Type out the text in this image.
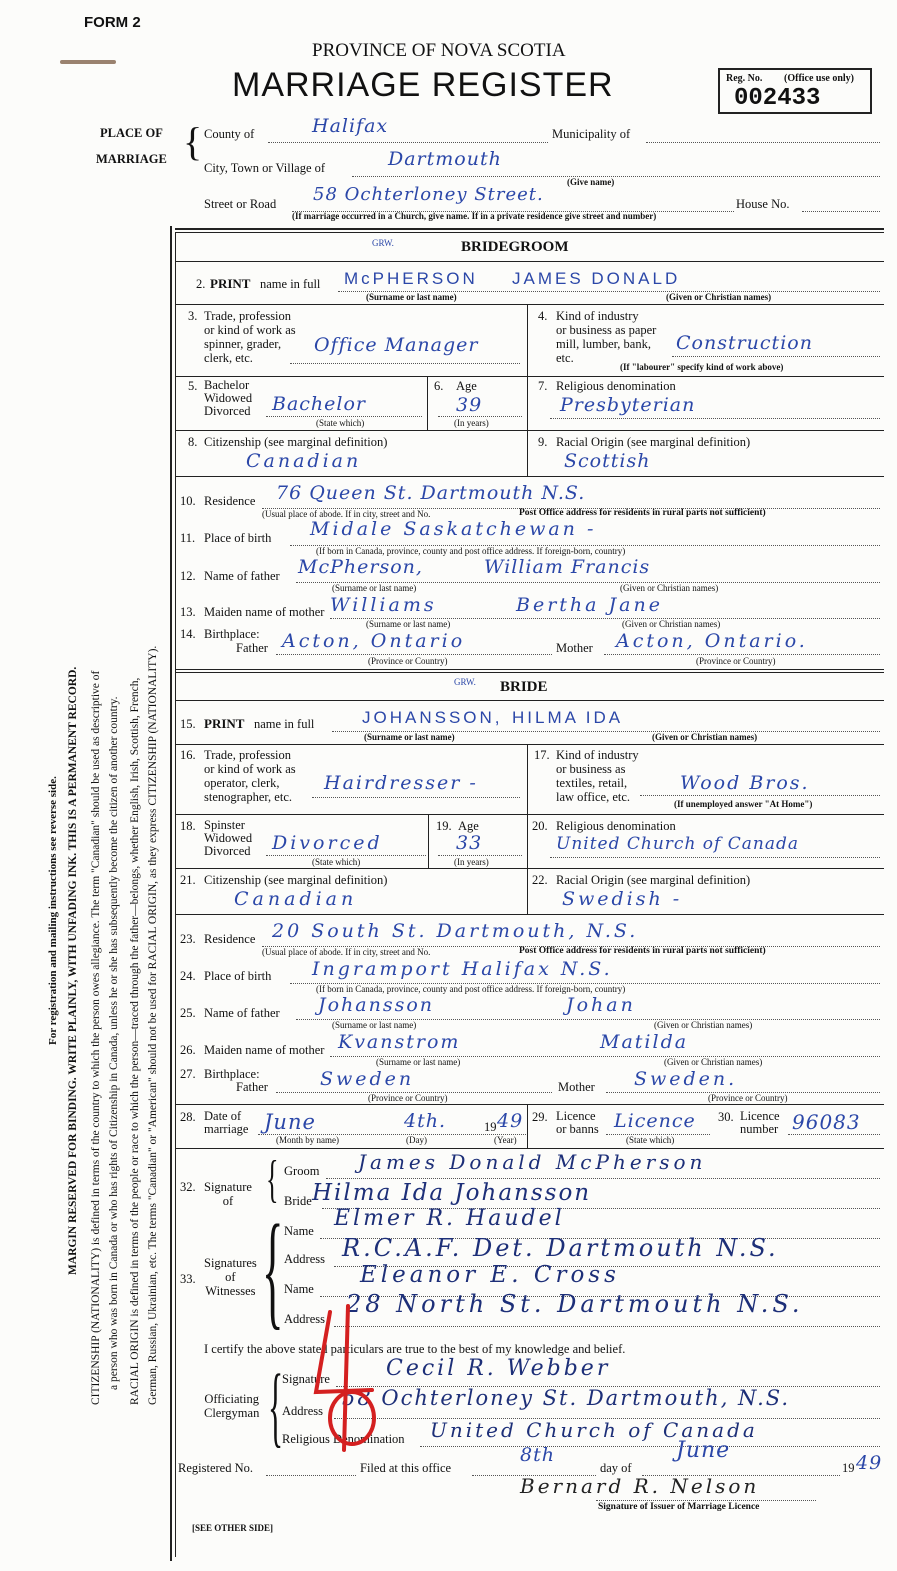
FORM 2
PROVINCE OF NOVA SCOTIA
MARRIAGE REGISTER	Reg. No. (Office use only)
002433
PLACE OF
MARRIAGE { County of	Halifax	Municipality of
City, Town or Village of	Dartmouth
(Give name)
Street or Road 58 Ochterloney Street.	House No.
(If marriage occurred in a Church, give name. If in a private residence give street and number)
For registration and mailing instructions see reverse side. MARGIN RESERVED FOR BINDING. WRITE PLAINLY, WITH UNFADING INK. THIS IS A PERMANENT RECORD. CITIZENSHIP (NATIONALITY) is defined in terms of the country to which the person owes allegiance. The term "Canadian" should be used as descriptive of a person who was born in Canada or who has rights of Citizenship in Canada, unless he or she has subsequently become the citizen of another country. RACIAL ORIGIN is defined in terms of the people or race to which the person—traced through the father—belongs, whether English, Irish, Scottish, French, German, Russian, Ukrainian, etc. The terms "Canadian" or "American" should not be used for RACIAL ORIGIN, as they express CITIZENSHIP (NATIONALITY).
BRIDEGROOM
GRW.
2. PRINT name in full McPHERSON JAMES DONALD
(Surname or last name)	(Given or Christian names)
3. Trade, profession
or kind of work as
spinner, grader,
clerk, etc.
Office Manager
4. Kind of industry
or business as paper
mill, lumber, bank,
etc.
Construction
(If "labourer" specify kind of work above)
5. Bachelor
Widowed
Divorced Bachelor
(State which)
6. Age
39
(In years)
7. Religious denomination
Presbyterian
8. Citizenship (see marginal definition)
Canadian
9. Racial Origin (see marginal definition)
Scottish
10. Residence 76 Queen St. Dartmouth N.S.
(Usual place of abode. If in city, street and No.	Post Office address for residents in rural parts not sufficient)
11. Place of birth Midale Saskatchewan -
(If born in Canada, province, county and post office address. If foreign-born, country)
12. Name of father McPherson,	William Francis
(Surname or last name)	(Given or Christian names)
13. Maiden name of mother Williams	Bertha Jane
(Surname or last name)	(Given or Christian names)
14. Birthplace:
Father Acton, Ontario
(Province or Country)
Mother Acton, Ontario.
(Province or Country)
BRIDE
GRW.
15. PRINT name in full	JOHANSSON, HILMA IDA
(Surname or last name)	(Given or Christian names)
16. Trade, profession
or kind of work as
operator, clerk,
stenographer, etc.
Hairdresser -
17. Kind of industry
or business as
textiles, retail,
law office, etc.
Wood Bros.
(If unemployed answer "At Home")
18. Spinster
Widowed
Divorced Divorced
(State which)
19. Age
33
(In years)
20. Religious denomination
United Church of Canada
21. Citizenship (see marginal definition)
Canadian
22. Racial Origin (see marginal definition)
Swedish -
23. Residence 20 South St. Dartmouth, N.S.
(Usual place of abode. If in city, street and No.	Post Office address for residents in rural parts not sufficient)
24. Place of birth Ingramport Halifax N.S.
(If born in Canada, province, county and post office address. If foreign-born, country)
25. Name of father Johansson	Johan
(Surname or last name)	(Given or Christian names)
26. Maiden name of mother Kvanstrom	Matilda
(Surname or last name)	(Given or Christian names)
27. Birthplace:
Father	Sweden
(Province or Country)
Mother Sweden.
(Province or Country)
28. Date of
marriage June	4th.	19 49
(Month by name)	(Day)	(Year)
29. Licence
or banns Licence
(State which)
30. Licence
number 96083
32. Signature
of { Groom James Donald McPherson
Bride Hilma Ida Johansson
33.
Signatures
of
Witnesses { Name Elmer R. Haudel
Address R.C.A.F. Det. Dartmouth N.S.
Name
Eleanor E. Cross
Address
28 North St. Dartmouth N.S.
I certify the above stated particulars are true to the best of my knowledge and belief.
Officiating
Clergyman {
Signature	Cecil R. Webber
Address
58 Ochterloney St. Dartmouth, N.S.
Religious Denomination United Church of Canada
Registered No.	Filed at this office
8th
day of
June
19 49
Bernard R. Nelson
Signature of Issuer of Marriage Licence
[SEE OTHER SIDE]
